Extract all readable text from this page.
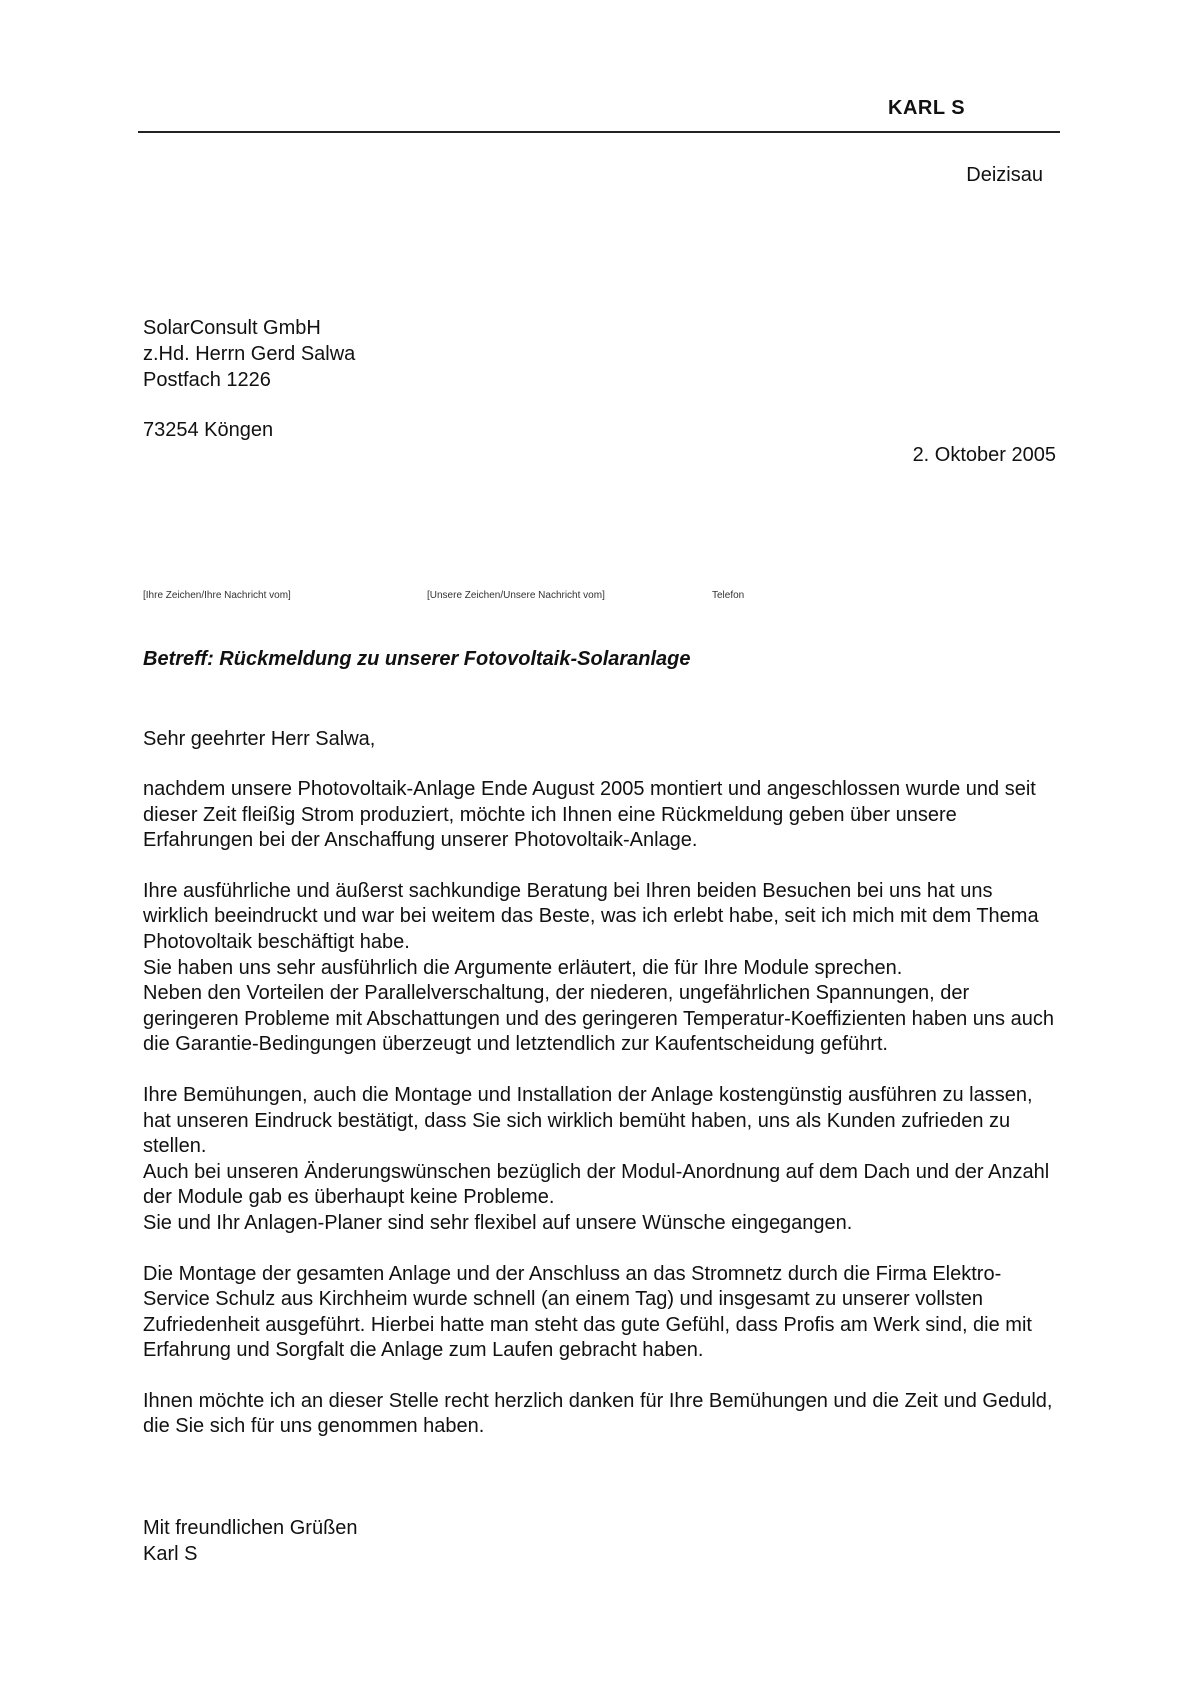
KARL S
Deizisau
SolarConsult GmbH
z.Hd. Herrn Gerd Salwa
Postfach 1226
73254 Köngen
2. Oktober 2005
[Ihre Zeichen/Ihre Nachricht vom]	[Unsere Zeichen/Unsere Nachricht vom]	Telefon
Betreff: Rückmeldung zu unserer Fotovoltaik-Solaranlage
Sehr geehrter Herr Salwa,

nachdem unsere Photovoltaik-Anlage Ende August 2005 montiert und angeschlossen wurde und seit dieser Zeit fleißig Strom produziert, möchte ich Ihnen eine Rückmeldung geben über unsere Erfahrungen bei der Anschaffung unserer Photovoltaik-Anlage.

Ihre ausführliche und äußerst sachkundige Beratung bei Ihren beiden Besuchen bei uns hat uns wirklich beeindruckt und war bei weitem das Beste, was ich erlebt habe, seit ich mich mit dem Thema Photovoltaik beschäftigt habe.
Sie haben uns sehr ausführlich die Argumente erläutert, die für Ihre Module sprechen.
Neben den Vorteilen der Parallelverschaltung, der niederen, ungefährlichen Spannungen, der geringeren Probleme mit Abschattungen und des geringeren Temperatur-Koeffizienten haben uns auch die Garantie-Bedingungen überzeugt und letztendlich zur Kaufentscheidung geführt.

Ihre Bemühungen, auch die Montage und Installation der Anlage kostengünstig ausführen zu lassen, hat unseren Eindruck bestätigt, dass Sie sich wirklich bemüht haben, uns als Kunden zufrieden zu stellen.
Auch bei unseren Änderungswünschen bezüglich der Modul-Anordnung auf dem Dach und der Anzahl der Module gab es überhaupt keine Probleme.
Sie und Ihr Anlagen-Planer sind sehr flexibel auf unsere Wünsche eingegangen.

Die Montage der gesamten Anlage und der Anschluss an das Stromnetz durch die Firma Elektro-Service Schulz aus Kirchheim wurde schnell (an einem Tag) und insgesamt zu unserer vollsten Zufriedenheit ausgeführt. Hierbei hatte man steht das gute Gefühl, dass Profis am Werk sind, die mit Erfahrung und Sorgfalt die Anlage zum Laufen gebracht haben.

Ihnen möchte ich an dieser Stelle recht herzlich danken für Ihre Bemühungen und die Zeit und Geduld, die Sie sich für uns genommen haben.

Mit freundlichen Grüßen
Karl S
